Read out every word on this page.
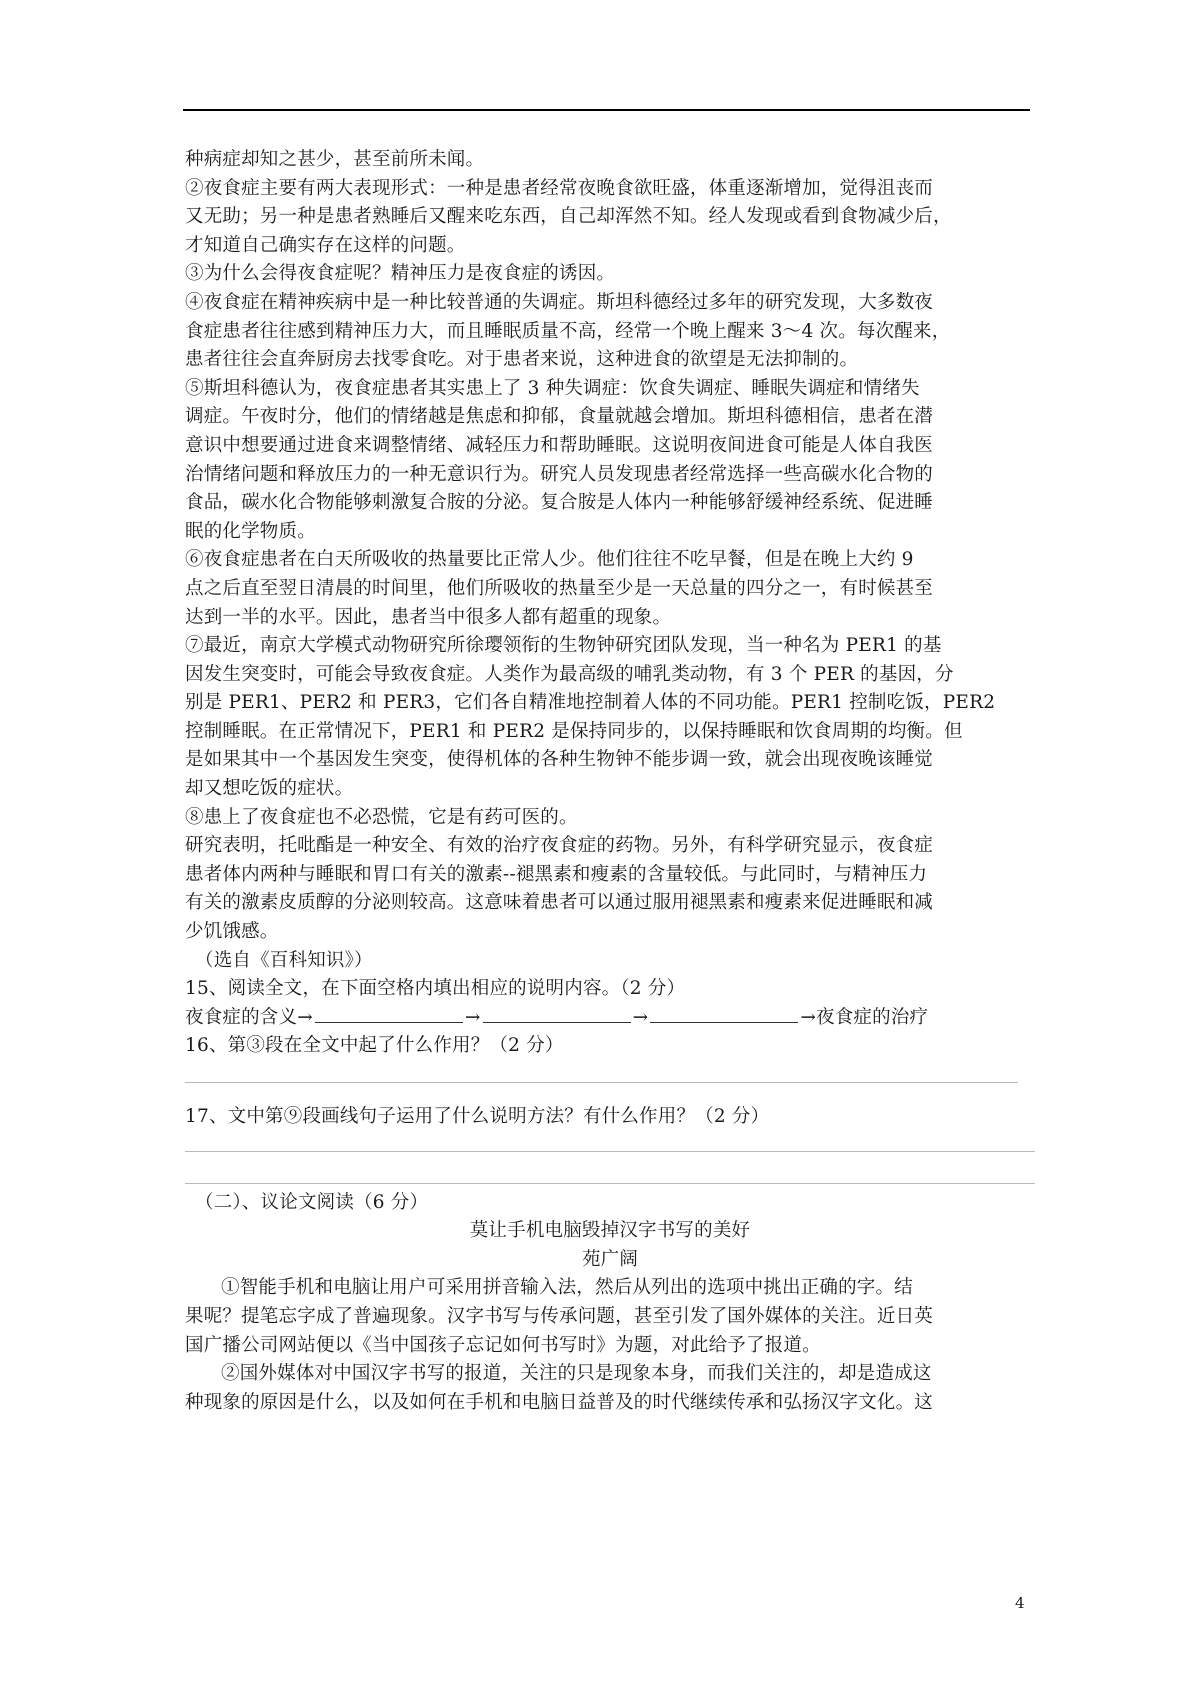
种病症却知之甚少，甚至前所未闻。
②夜食症主要有两大表现形式：一种是患者经常夜晚食欲旺盛，体重逐渐增加，觉得沮丧而
又无助；另一种是患者熟睡后又醒来吃东西，自己却浑然不知。经人发现或看到食物减少后，
才知道自己确实存在这样的问题。
③为什么会得夜食症呢？精神压力是夜食症的诱因。
④夜食症在精神疾病中是一种比较普通的失调症。斯坦科德经过多年的研究发现，大多数夜
食症患者往往感到精神压力大，而且睡眠质量不高，经常一个晚上醒来 3～4 次。每次醒来，
患者往往会直奔厨房去找零食吃。对于患者来说，这种进食的欲望是无法抑制的。
⑤斯坦科德认为，夜食症患者其实患上了 3 种失调症：饮食失调症、睡眠失调症和情绪失
调症。午夜时分，他们的情绪越是焦虑和抑郁，食量就越会增加。斯坦科德相信，患者在潜
意识中想要通过进食来调整情绪、减轻压力和帮助睡眠。这说明夜间进食可能是人体自我医
治情绪问题和释放压力的一种无意识行为。研究人员发现患者经常选择一些高碳水化合物的
食品，碳水化合物能够刺激复合胺的分泌。复合胺是人体内一种能够舒缓神经系统、促进睡
眠的化学物质。
⑥夜食症患者在白天所吸收的热量要比正常人少。他们往往不吃早餐，但是在晚上大约 9
点之后直至翌日清晨的时间里，他们所吸收的热量至少是一天总量的四分之一，有时候甚至
达到一半的水平。因此，患者当中很多人都有超重的现象。
⑦最近，南京大学模式动物研究所徐璎领衔的生物钟研究团队发现，当一种名为 PER1 的基
因发生突变时，可能会导致夜食症。人类作为最高级的哺乳类动物，有 3 个 PER 的基因，分
别是 PER1、PER2 和 PER3，它们各自精准地控制着人体的不同功能。PER1 控制吃饭，PER2
控制睡眠。在正常情况下，PER1 和 PER2 是保持同步的，以保持睡眠和饮食周期的均衡。但
是如果其中一个基因发生突变，使得机体的各种生物钟不能步调一致，就会出现夜晚该睡觉
却又想吃饭的症状。
⑧患上了夜食症也不必恐慌，它是有药可医的。
研究表明，托吡酯是一种安全、有效的治疗夜食症的药物。另外，有科学研究显示，夜食症
患者体内两种与睡眠和胃口有关的激素--褪黑素和瘦素的含量较低。与此同时，与精神压力
有关的激素皮质醇的分泌则较高。这意味着患者可以通过服用褪黑素和瘦素来促进睡眠和减
少饥饿感。
（选自《百科知识》）
15、阅读全文，在下面空格内填出相应的说明内容。（2 分）
夜食症的含义 →	→	→	→ 夜食症的治疗
16、第③段在全文中起了什么作用？（2 分）
17、文中第⑨段画线句子运用了什么说明方法？有什么作用？（2 分）
（二）、议论文阅读（6 分）
莫让手机电脑毁掉汉字书写的美好
苑广阔
①智能手机和电脑让用户可采用拼音输入法，然后从列出的选项中挑出正确的字。结
果呢？提笔忘字成了普遍现象。汉字书写与传承问题，甚至引发了国外媒体的关注。近日英
国广播公司网站便以《当中国孩子忘记如何书写时》为题，对此给予了报道。
②国外媒体对中国汉字书写的报道，关注的只是现象本身，而我们关注的，却是造成这
种现象的原因是什么，以及如何在手机和电脑日益普及的时代继续传承和弘扬汉字文化。这
4
